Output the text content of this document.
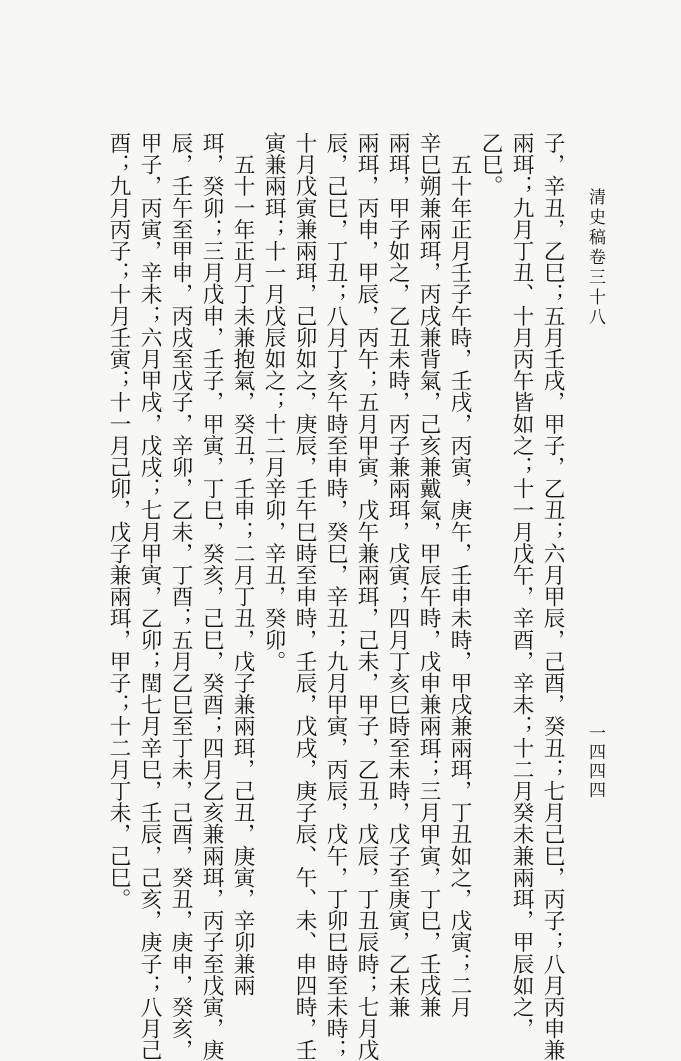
清史稿卷三十八
一四四四
子，辛丑，乙巳；五月壬戌，甲子，乙丑；六月甲辰，己酉，癸丑；七月己巳，丙子；八月丙申兼
兩珥；九月丁丑、十月丙午皆如之；十一月戊午，辛酉，辛未；十二月癸未兼兩珥，甲辰如之，
乙巳。
　五十年正月壬子午時，壬戌，丙寅，庚午，壬申未時，甲戌兼兩珥，丁丑如之，戊寅；二月
辛巳朔兼兩珥，丙戌兼背氣，己亥兼戴氣，甲辰午時，戊申兼兩珥；三月甲寅，丁巳，壬戌兼
兩珥，甲子如之，乙丑未時，丙子兼兩珥，戊寅；四月丁亥巳時至未時，戊子至庚寅，乙未兼
兩珥，丙申，甲辰，丙午；五月甲寅，戊午兼兩珥，己未，甲子，乙丑，戊辰，丁丑辰時；七月戊
辰，己巳，丁丑；八月丁亥午時至申時，癸巳，辛丑；九月甲寅，丙辰，戊午，丁卯巳時至未時；
十月戊寅兼兩珥，己卯如之，庚辰，壬午巳時至申時，壬辰，戊戌，庚子辰、午、未、申四時，壬
寅兼兩珥；十一月戊辰如之；十二月辛卯，辛丑，癸卯。
　五十一年正月丁未兼抱氣，癸丑，壬申；二月丁丑，戊子兼兩珥，己丑，庚寅，辛卯兼兩
珥，癸卯；三月戊申，壬子，甲寅，丁巳，癸亥，己巳，癸酉；四月乙亥兼兩珥，丙子至戊寅，庚
辰，壬午至甲申，丙戌至戊子，辛卯，乙未，丁酉；五月乙巳至丁未，己酉，癸丑，庚申，癸亥，
甲子，丙寅，辛未；六月甲戌，戊戌；七月甲寅，乙卯；閏七月辛巳，壬辰，己亥，庚子；八月己
酉；九月丙子；十月壬寅；十一月己卯，戊子兼兩珥，甲子；十二月丁未，己巳。
